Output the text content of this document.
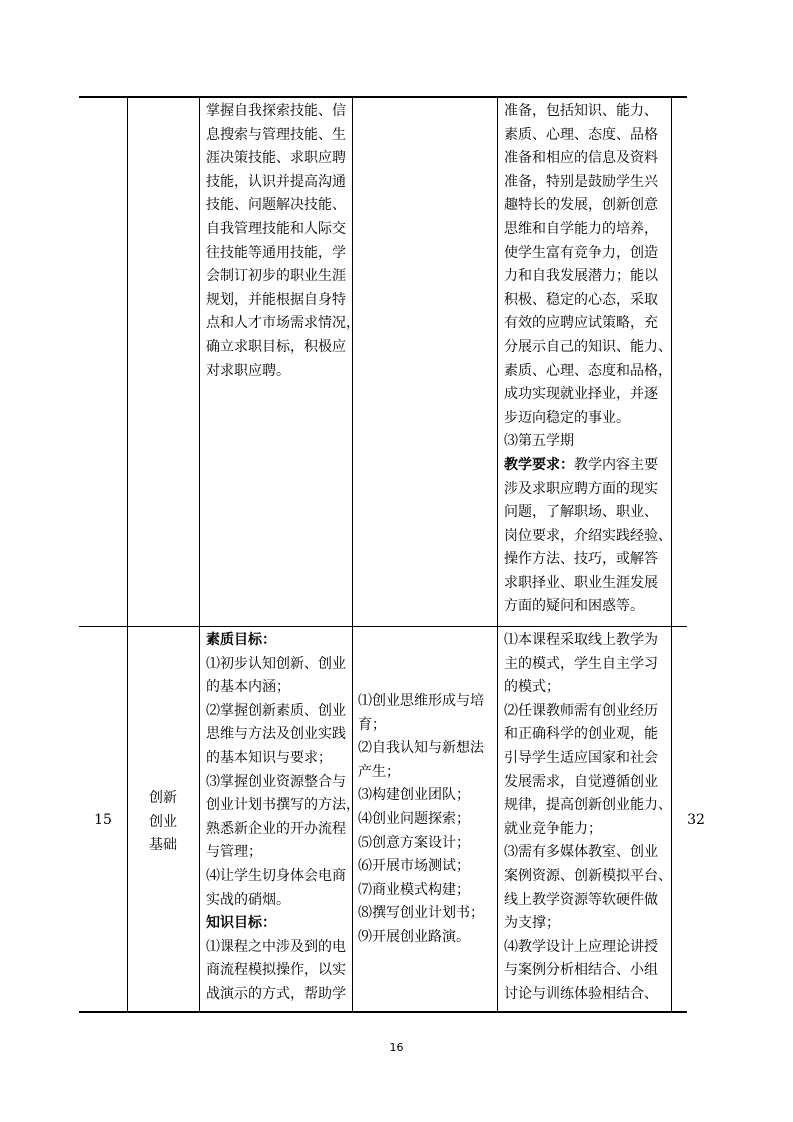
掌握自我探索技能、信

息搜索与管理技能、生

涯决策技能、求职应聘

技能，认识并提高沟通

技能、问题解决技能、

自我管理技能和人际交

往技能等通用技能，学

会制订初步的职业生涯

规划，并能根据自身特

点和人才市场需求情况，

确立求职目标，积极应

对求职应聘。

准备，包括知识、能力、

素质、心理、态度、品格

准备和相应的信息及资料

准备，特别是鼓励学生兴

趣特长的发展，创新创意

思维和自学能力的培养，

使学生富有竞争力，创造

力和自我发展潜力；能以

积极、稳定的心态，采取

有效的应聘应试策略，充

分展示自己的知识、能力、

素质、心理、态度和品格，

成功实现就业择业，并逐

步迈向稳定的事业。

⑶第五学期

教学要求：教学内容主要

涉及求职应聘方面的现实

问题，了解职场、职业、

岗位要求，介绍实践经验、

操作方法、技巧，或解答

求职择业、职业生涯发展

方面的疑问和困惑等。

15

创新

创业

基础

素质目标：

⑴初步认知创新、创业

的基本内涵；

⑵掌握创新素质、创业

思维与方法及创业实践

的基本知识与要求；

⑶掌握创业资源整合与

创业计划书撰写的方法，

熟悉新企业的开办流程

与管理；

⑷让学生切身体会电商

实战的硝烟。

知识目标：

⑴课程之中涉及到的电

商流程模拟操作，以实

战演示的方式，帮助学

⑴创业思维形成与培

育；

⑵自我认知与新想法

产生；

⑶构建创业团队；

⑷创业问题探索；

⑸创意方案设计；

⑹开展市场测试；

⑺商业模式构建；

⑻撰写创业计划书；

⑼开展创业路演。

⑴本课程采取线上教学为

主的模式，学生自主学习

的模式；

⑵任课教师需有创业经历

和正确科学的创业观，能

引导学生适应国家和社会

发展需求，自觉遵循创业

规律，提高创新创业能力、

就业竞争能力；

⑶需有多媒体教室、创业

案例资源、创新模拟平台、

线上教学资源等软硬件做

为支撑；

⑷教学设计上应理论讲授

与案例分析相结合、小组

讨论与训练体验相结合、

32
16
